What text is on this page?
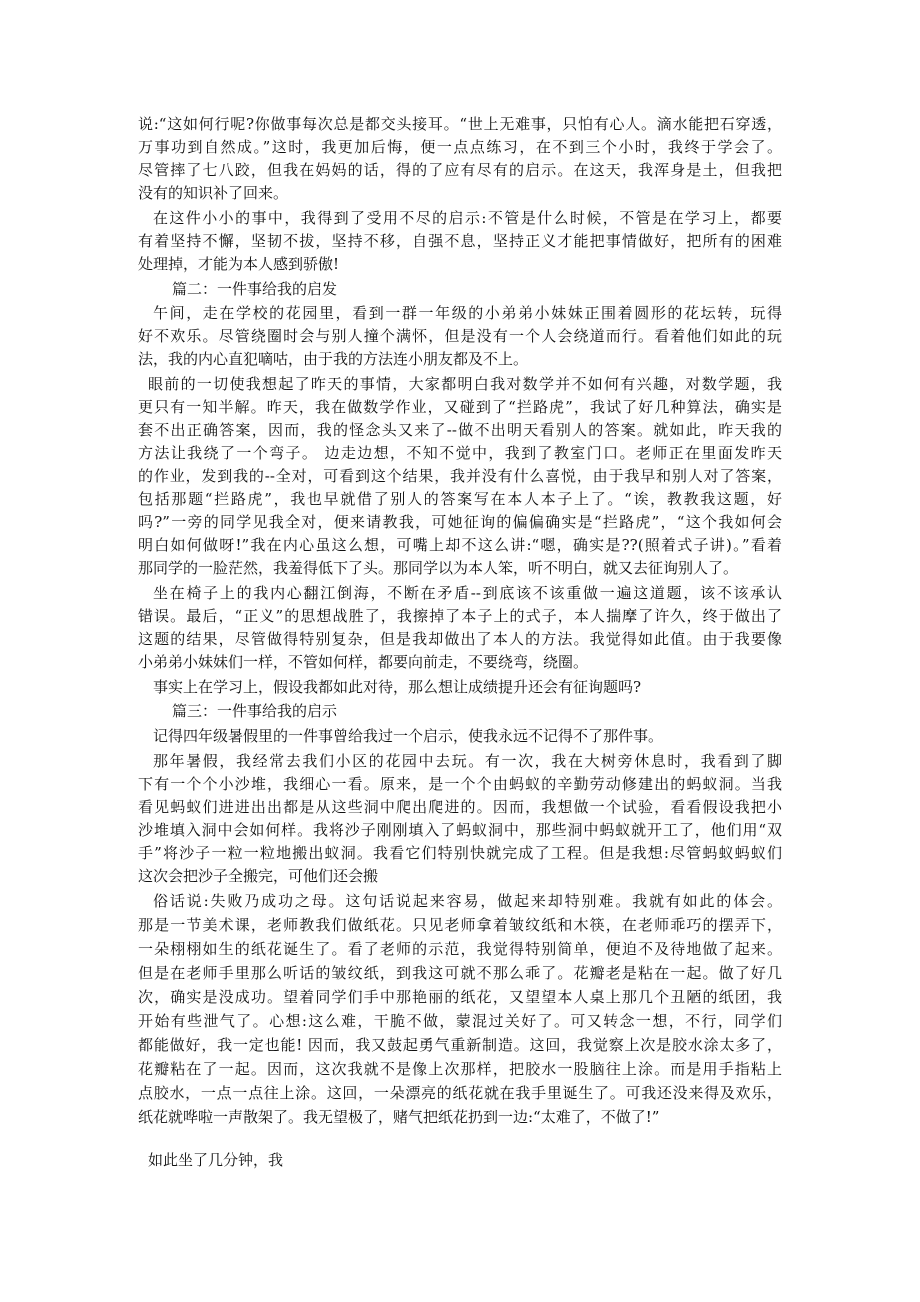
说:“这如何行呢?你做事每次总是都交头接耳。“世上无难事，只怕有心人。滴水能把石穿透，
万事功到自然成。”这时，我更加后悔，便一点点练习，在不到三个小时，我终于学会了。
尽管摔了七八跤，但我在妈妈的话，得的了应有尽有的启示。在这天，我浑身是土，但我把
没有的知识补了回来。
在这件小小的事中，我得到了受用不尽的启示:不管是什么时候，不管是在学习上，都要
有着坚持不懈，坚韧不拔，坚持不移，自强不息，坚持正义才能把事情做好，把所有的困难
处理掉，才能为本人感到骄傲!
篇二：一件事给我的启发
午间，走在学校的花园里，看到一群一年级的小弟弟小妹妹正围着圆形的花坛转，玩得
好不欢乐。尽管绕圈时会与别人撞个满怀，但是没有一个人会绕道而行。看着他们如此的玩
法，我的内心直犯嘀咕，由于我的方法连小朋友都及不上。
眼前的一切使我想起了昨天的事情，大家都明白我对数学并不如何有兴趣，对数学题，我
更只有一知半解。昨天，我在做数学作业，又碰到了“拦路虎”，我试了好几种算法，确实是
套不出正确答案，因而，我的怪念头又来了--做不出明天看别人的答案。就如此，昨天我的
方法让我绕了一个弯子。 边走边想，不知不觉中，我到了教室门口。老师正在里面发昨天
的作业，发到我的--全对，可看到这个结果，我并没有什么喜悦，由于我早和别人对了答案，
包括那题“拦路虎”，我也早就借了别人的答案写在本人本子上了。“诶，教教我这题，好
吗?”一旁的同学见我全对，便来请教我，可她征询的偏偏确实是“拦路虎”，“这个我如何会
明白如何做呀!”我在内心虽这么想，可嘴上却不这么讲:“嗯，确实是??(照着式子讲)。”看着
那同学的一脸茫然，我羞得低下了头。那同学以为本人笨，听不明白，就又去征询别人了。
坐在椅子上的我内心翻江倒海，不断在矛盾--到底该不该重做一遍这道题，该不该承认
错误。最后，“正义”的思想战胜了，我擦掉了本子上的式子，本人揣摩了许久，终于做出了
这题的结果，尽管做得特别复杂，但是我却做出了本人的方法。我觉得如此值。由于我要像
小弟弟小妹妹们一样，不管如何样，都要向前走，不要绕弯，绕圈。
事实上在学习上，假设我都如此对待，那么想让成绩提升还会有征询题吗?
篇三：一件事给我的启示
记得四年级暑假里的一件事曾给我过一个启示，使我永远不记得不了那件事。
那年暑假，我经常去我们小区的花园中去玩。有一次，我在大树旁休息时，我看到了脚
下有一个个小沙堆，我细心一看。原来，是一个个由蚂蚁的辛勤劳动修建出的蚂蚁洞。当我
看见蚂蚁们进进出出都是从这些洞中爬出爬进的。因而，我想做一个试验，看看假设我把小
沙堆填入洞中会如何样。我将沙子刚刚填入了蚂蚁洞中，那些洞中蚂蚁就开工了，他们用“双
手”将沙子一粒一粒地搬出蚁洞。我看它们特别快就完成了工程。但是我想:尽管蚂蚁蚂蚁们
这次会把沙子全搬完，可他们还会搬
俗话说:失败乃成功之母。这句话说起来容易，做起来却特别难。我就有如此的体会。
那是一节美术课，老师教我们做纸花。只见老师拿着皱纹纸和木筷，在老师乖巧的摆弄下，
一朵栩栩如生的纸花诞生了。看了老师的示范，我觉得特别简单，便迫不及待地做了起来。
但是在老师手里那么听话的皱纹纸，到我这可就不那么乖了。花瓣老是粘在一起。做了好几
次，确实是没成功。望着同学们手中那艳丽的纸花，又望望本人桌上那几个丑陋的纸团，我
开始有些泄气了。心想:这么难，干脆不做，蒙混过关好了。可又转念一想，不行，同学们
都能做好，我一定也能! 因而，我又鼓起勇气重新制造。这回，我觉察上次是胶水涂太多了，
花瓣粘在了一起。因而，这次我就不是像上次那样，把胶水一股脑往上涂。而是用手指粘上
点胶水，一点一点往上涂。这回，一朵漂亮的纸花就在我手里诞生了。可我还没来得及欢乐，
纸花就哗啦一声散架了。我无望极了，赌气把纸花扔到一边:“太难了，不做了!”
如此坐了几分钟，我
